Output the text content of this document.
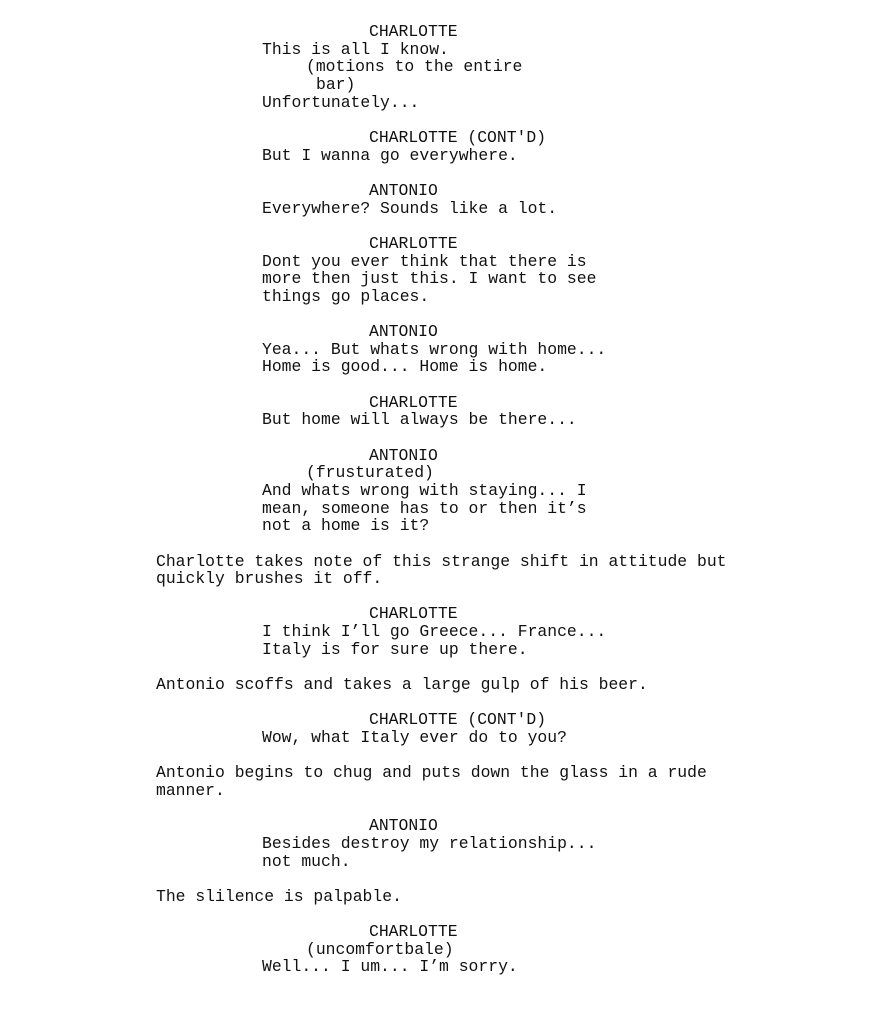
CHARLOTTE
This is all I know.
(motions to the entire
bar)
Unfortunately...
CHARLOTTE (CONT'D)
But I wanna go everywhere.
ANTONIO
Everywhere? Sounds like a lot.
CHARLOTTE
Dont you ever think that there is
more then just this. I want to see
things go places.
ANTONIO
Yea... But whats wrong with home...
Home is good... Home is home.
CHARLOTTE
But home will always be there...
ANTONIO
(frusturated)
And whats wrong with staying... I
mean, someone has to or then it’s
not a home is it?
Charlotte takes note of this strange shift in attitude but
quickly brushes it off.
CHARLOTTE
I think I’ll go Greece... France...
Italy is for sure up there.
Antonio scoffs and takes a large gulp of his beer.
CHARLOTTE (CONT'D)
Wow, what Italy ever do to you?
Antonio begins to chug and puts down the glass in a rude
manner.
ANTONIO
Besides destroy my relationship...
not much.
The slilence is palpable.
CHARLOTTE
(uncomfortbale)
Well... I um... I’m sorry.
